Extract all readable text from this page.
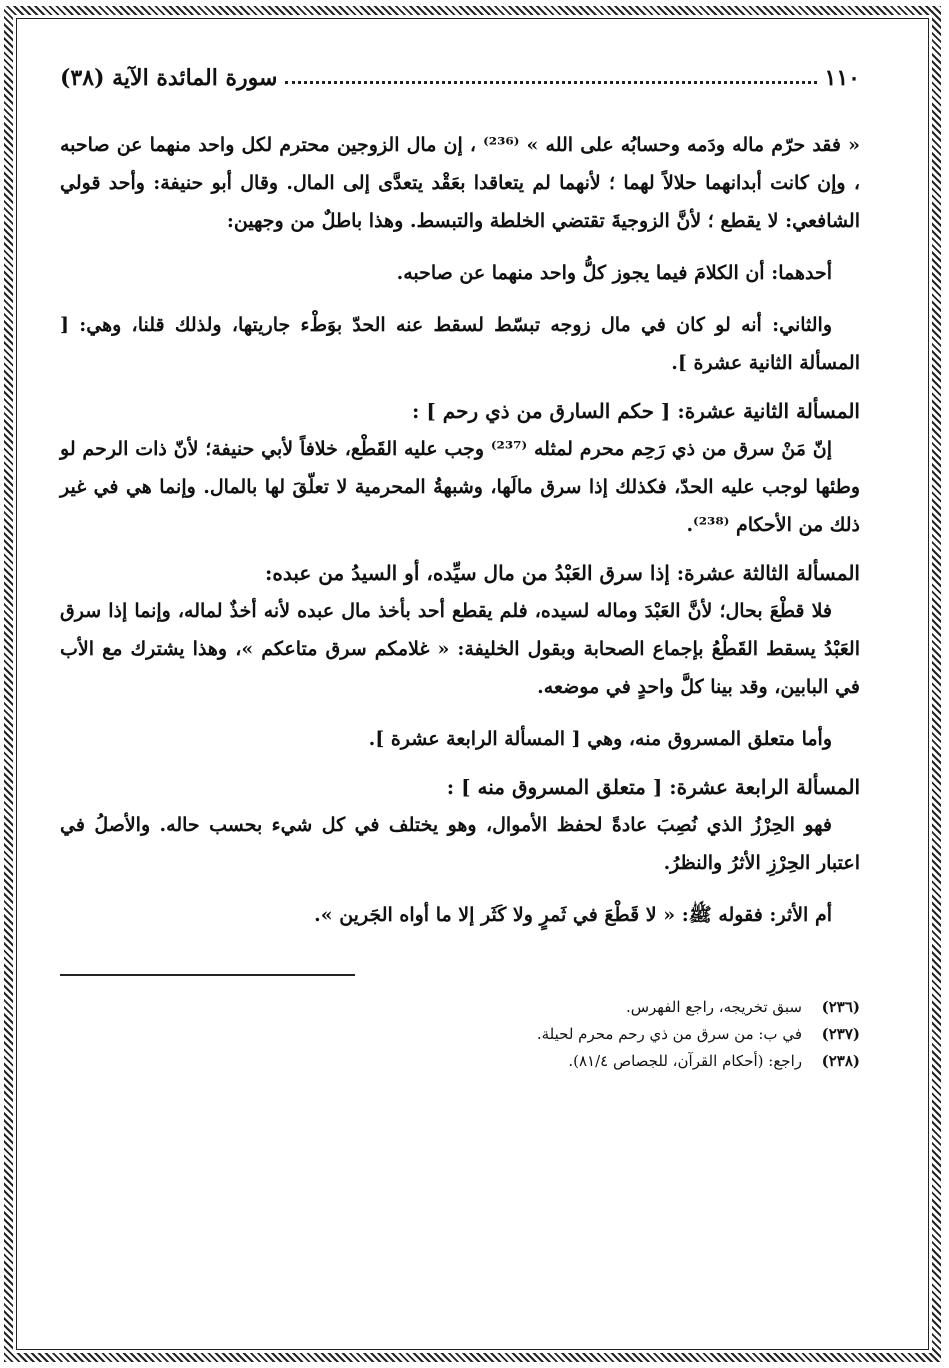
١١٠
سورة المائدة الآية (٣٨)

« فقد حرّم ماله ودَمه وحسابُه على الله » ⁽²³⁶⁾ ، إن مال الزوجين محترم لكل واحد منهما عن صاحبه ، وإن كانت أبدانهما حلالاً لهما ؛ لأنهما لم يتعاقدا بعَقْد يتعدَّى إلى المال. وقال أبو حنيفة: وأحد قولي الشافعي: لا يقطع ؛ لأنَّ الزوجيةَ تقتضي الخلطة والتبسط. وهذا باطلٌ من وجهين:

أحدهما: أن الكلامَ فيما يجوز كلُّ واحد منهما عن صاحبه.

والثاني: أنه لو كان في مال زوجه تبسّط لسقط عنه الحدّ بوَطْء جاريتها، ولذلك قلنا، وهي: [ المسألة الثانية عشرة ].

المسألة الثانية عشرة: [ حكم السارق من ذي رحم ] :

إنّ مَنْ سرق من ذي رَحِم محرم لمثله ⁽²³⁷⁾ وجب عليه القَطْع، خلافاً لأبي حنيفة؛ لأنّ ذات الرحم لو وطئها لوجب عليه الحدّ، فكذلك إذا سرق مالَها، وشبهةُ المحرمية لا تعلّقَ لها بالمال. وإنما هي في غير ذلك من الأحكام ⁽²³⁸⁾.

المسألة الثالثة عشرة: إذا سرق العَبْدُ من مال سيِّده، أو السيدُ من عبده:

فلا قطْعَ بحال؛ لأنَّ العَبْدَ وماله لسيده، فلم يقطع أحد بأخذ مال عبده لأنه أخذٌ لماله، وإنما إذا سرق العَبْدُ يسقط القَطْعُ بإجماع الصحابة وبقول الخليفة: « غلامكم سرق متاعكم »، وهذا يشترك مع الأب في البابين، وقد بينا كلَّ واحدٍ في موضعه.

وأما متعلق المسروق منه، وهي [ المسألة الرابعة عشرة ].

المسألة الرابعة عشرة: [ متعلق المسروق منه ] :

فهو الحِرْزُ الذي نُصِبَ عادةً لحفظ الأموال، وهو يختلف في كل شيء بحسب حاله. والأصلُ في اعتبار الحِرْزِ الأثرُ والنظرُ.

أم الأثر: فقوله ﷺ: « لا قَطْعَ في ثَمرٍ ولا كَثَر إلا ما أواه الجَرين ».

(٢٣٦)
سبق تخريجه، راجع الفهرس.
(٢٣٧)
في ب: من سرق من ذي رحم محرم لحيلة.
(٢٣٨)
راجع: (أحكام القرآن، للجصاص ٨١/٤).
